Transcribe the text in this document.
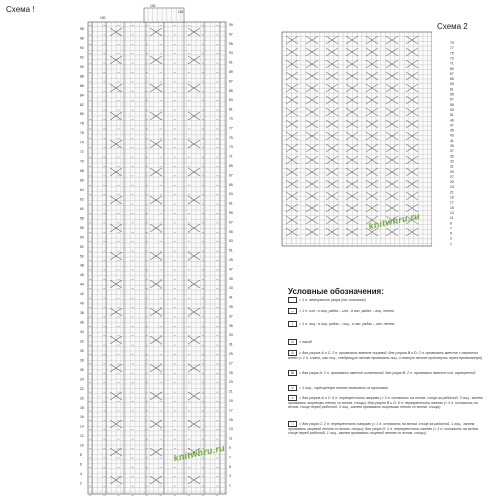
Схема !
Схема 2
98
96
94
92
90
88
86
84
82
80
78
76
74
72
70
68
66
64
62
60
58
56
54
52
50
48
46
44
42
40
38
36
34
32
30
28
26
24
22
20
18
16
14
12
10
8
6
4
2
99
97
95
93
91
89
87
85
83
81
79
77
75
73
71
69
67
65
63
61
59
57
55
53
51
49
47
45
43
41
39
37
35
33
31
29
27
25
23
21
19
17
15
13
11
9
7
5
3
1
102
101
100
79
77
75
73
71
69
67
65
63
61
59
57
55
53
51
49
47
45
43
41
39
37
35
33
31
29
27
25
23
21
19
17
15
13
11
9
7
5
3
1
Условные обозначения:
= 1 п. жемчужного узора (см. описание)
— = 1 п. изн.: в лиц. рядах – изн., в изн. рядах – лиц. петли
| = 1 п. лиц.: в лиц. рядах – лиц., в изн. рядах – изн. петли
U = накид
Δ = для узоров А и С: 2 п. провязать вместе лицевой; для узоров В и D: 2 п. провязать вместе с наклоном влево (= 1 п. снять, как лиц., следующую петлю провязать лиц. и снятую петлю протянуть через провязанную)
Ж = для узора А: 2 п. провязать вместе изнаночной; для узора В: 2 п. провязать вместе изн. скрещенной
V = 1 лиц., скрещенную петлю вывязать из протяжки
≡ = для узоров А и С: 6 п. перекрестить направо (= 3 п. оставить на вспом. спице за работой, 3 лиц., затем провязать лицевыми петли со вспом. спицы); для узоров В и D: 6 п. перекрестить налево (= 3 п. оставить на вспом. спице перед работой, 3 лиц., затем провязать лицевыми петли со вспом. спицы)
⤫ = для узора С: 2 п. перекрестить направо (= 1 п. оставить на вспом. спице за работой, 1 лиц., затем провязать лицевой петлю со вспом. спицы); для узора D: 2 п. перекрестить налево (= 1 п. оставить на вспом. спице перед работой, 1 лиц., затем провязать лицевой петлю со вспом. спицы)
knitwhru.ru
knitwhru.ru
